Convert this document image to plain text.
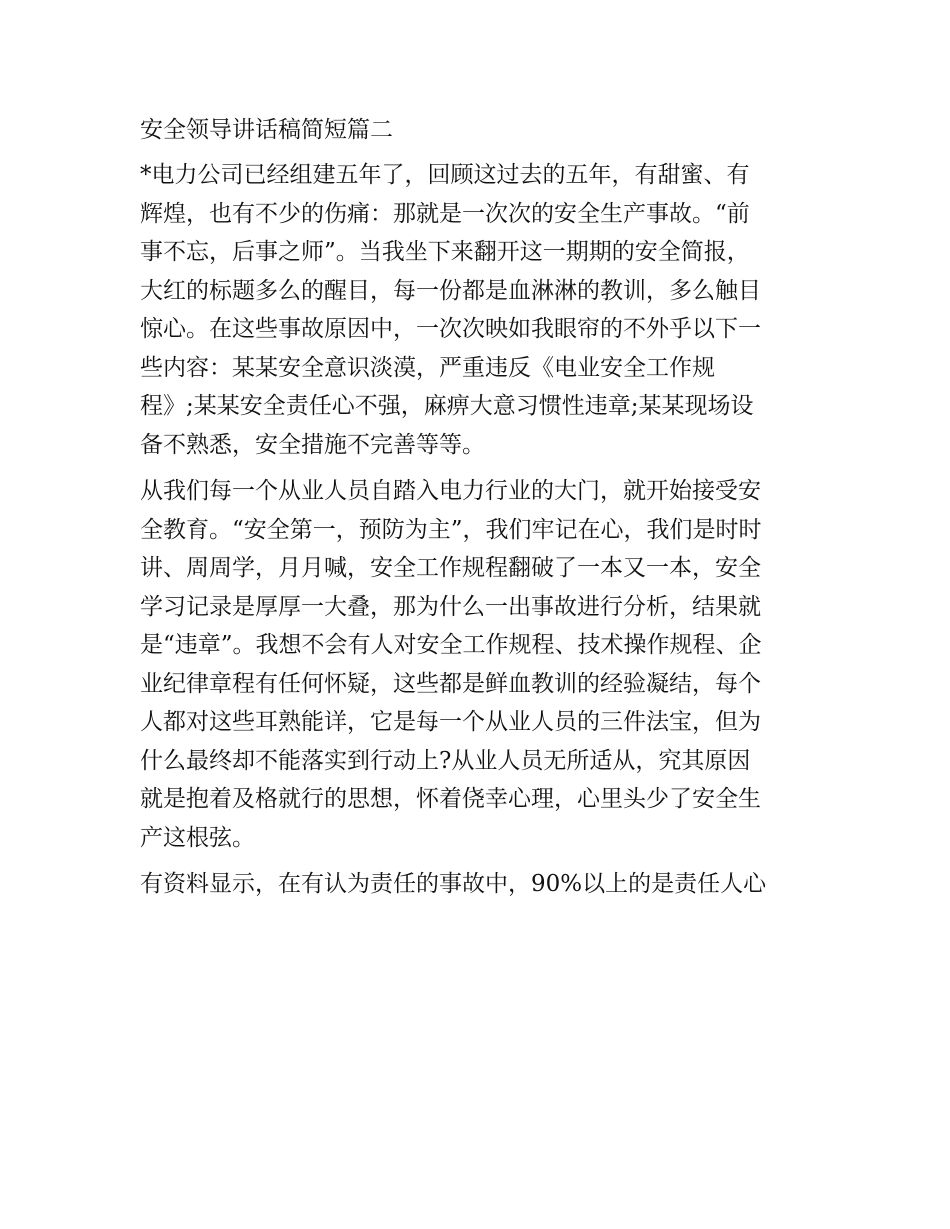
安全领导讲话稿简短篇二
*电力公司已经组建五年了，回顾这过去的五年，有甜蜜、有
辉煌，也有不少的伤痛：那就是一次次的安全生产事故。“前
事不忘，后事之师”。当我坐下来翻开这一期期的安全简报，
大红的标题多么的醒目，每一份都是血淋淋的教训，多么触目
惊心。在这些事故原因中，一次次映如我眼帘的不外乎以下一
些内容：某某安全意识淡漠，严重违反《电业安全工作规
程》;某某安全责任心不强，麻痹大意习惯性违章;某某现场设
备不熟悉，安全措施不完善等等。
从我们每一个从业人员自踏入电力行业的大门，就开始接受安
全教育。“安全第一，预防为主”，我们牢记在心，我们是时时
讲、周周学，月月喊，安全工作规程翻破了一本又一本，安全
学习记录是厚厚一大叠，那为什么一出事故进行分析，结果就
是“违章”。我想不会有人对安全工作规程、技术操作规程、企
业纪律章程有任何怀疑，这些都是鲜血教训的经验凝结，每个
人都对这些耳熟能详，它是每一个从业人员的三件法宝，但为
什么最终却不能落实到行动上?从业人员无所适从，究其原因
就是抱着及格就行的思想，怀着侥幸心理，心里头少了安全生
产这根弦。
有资料显示，在有认为责任的事故中，90%以上的是责任人心
